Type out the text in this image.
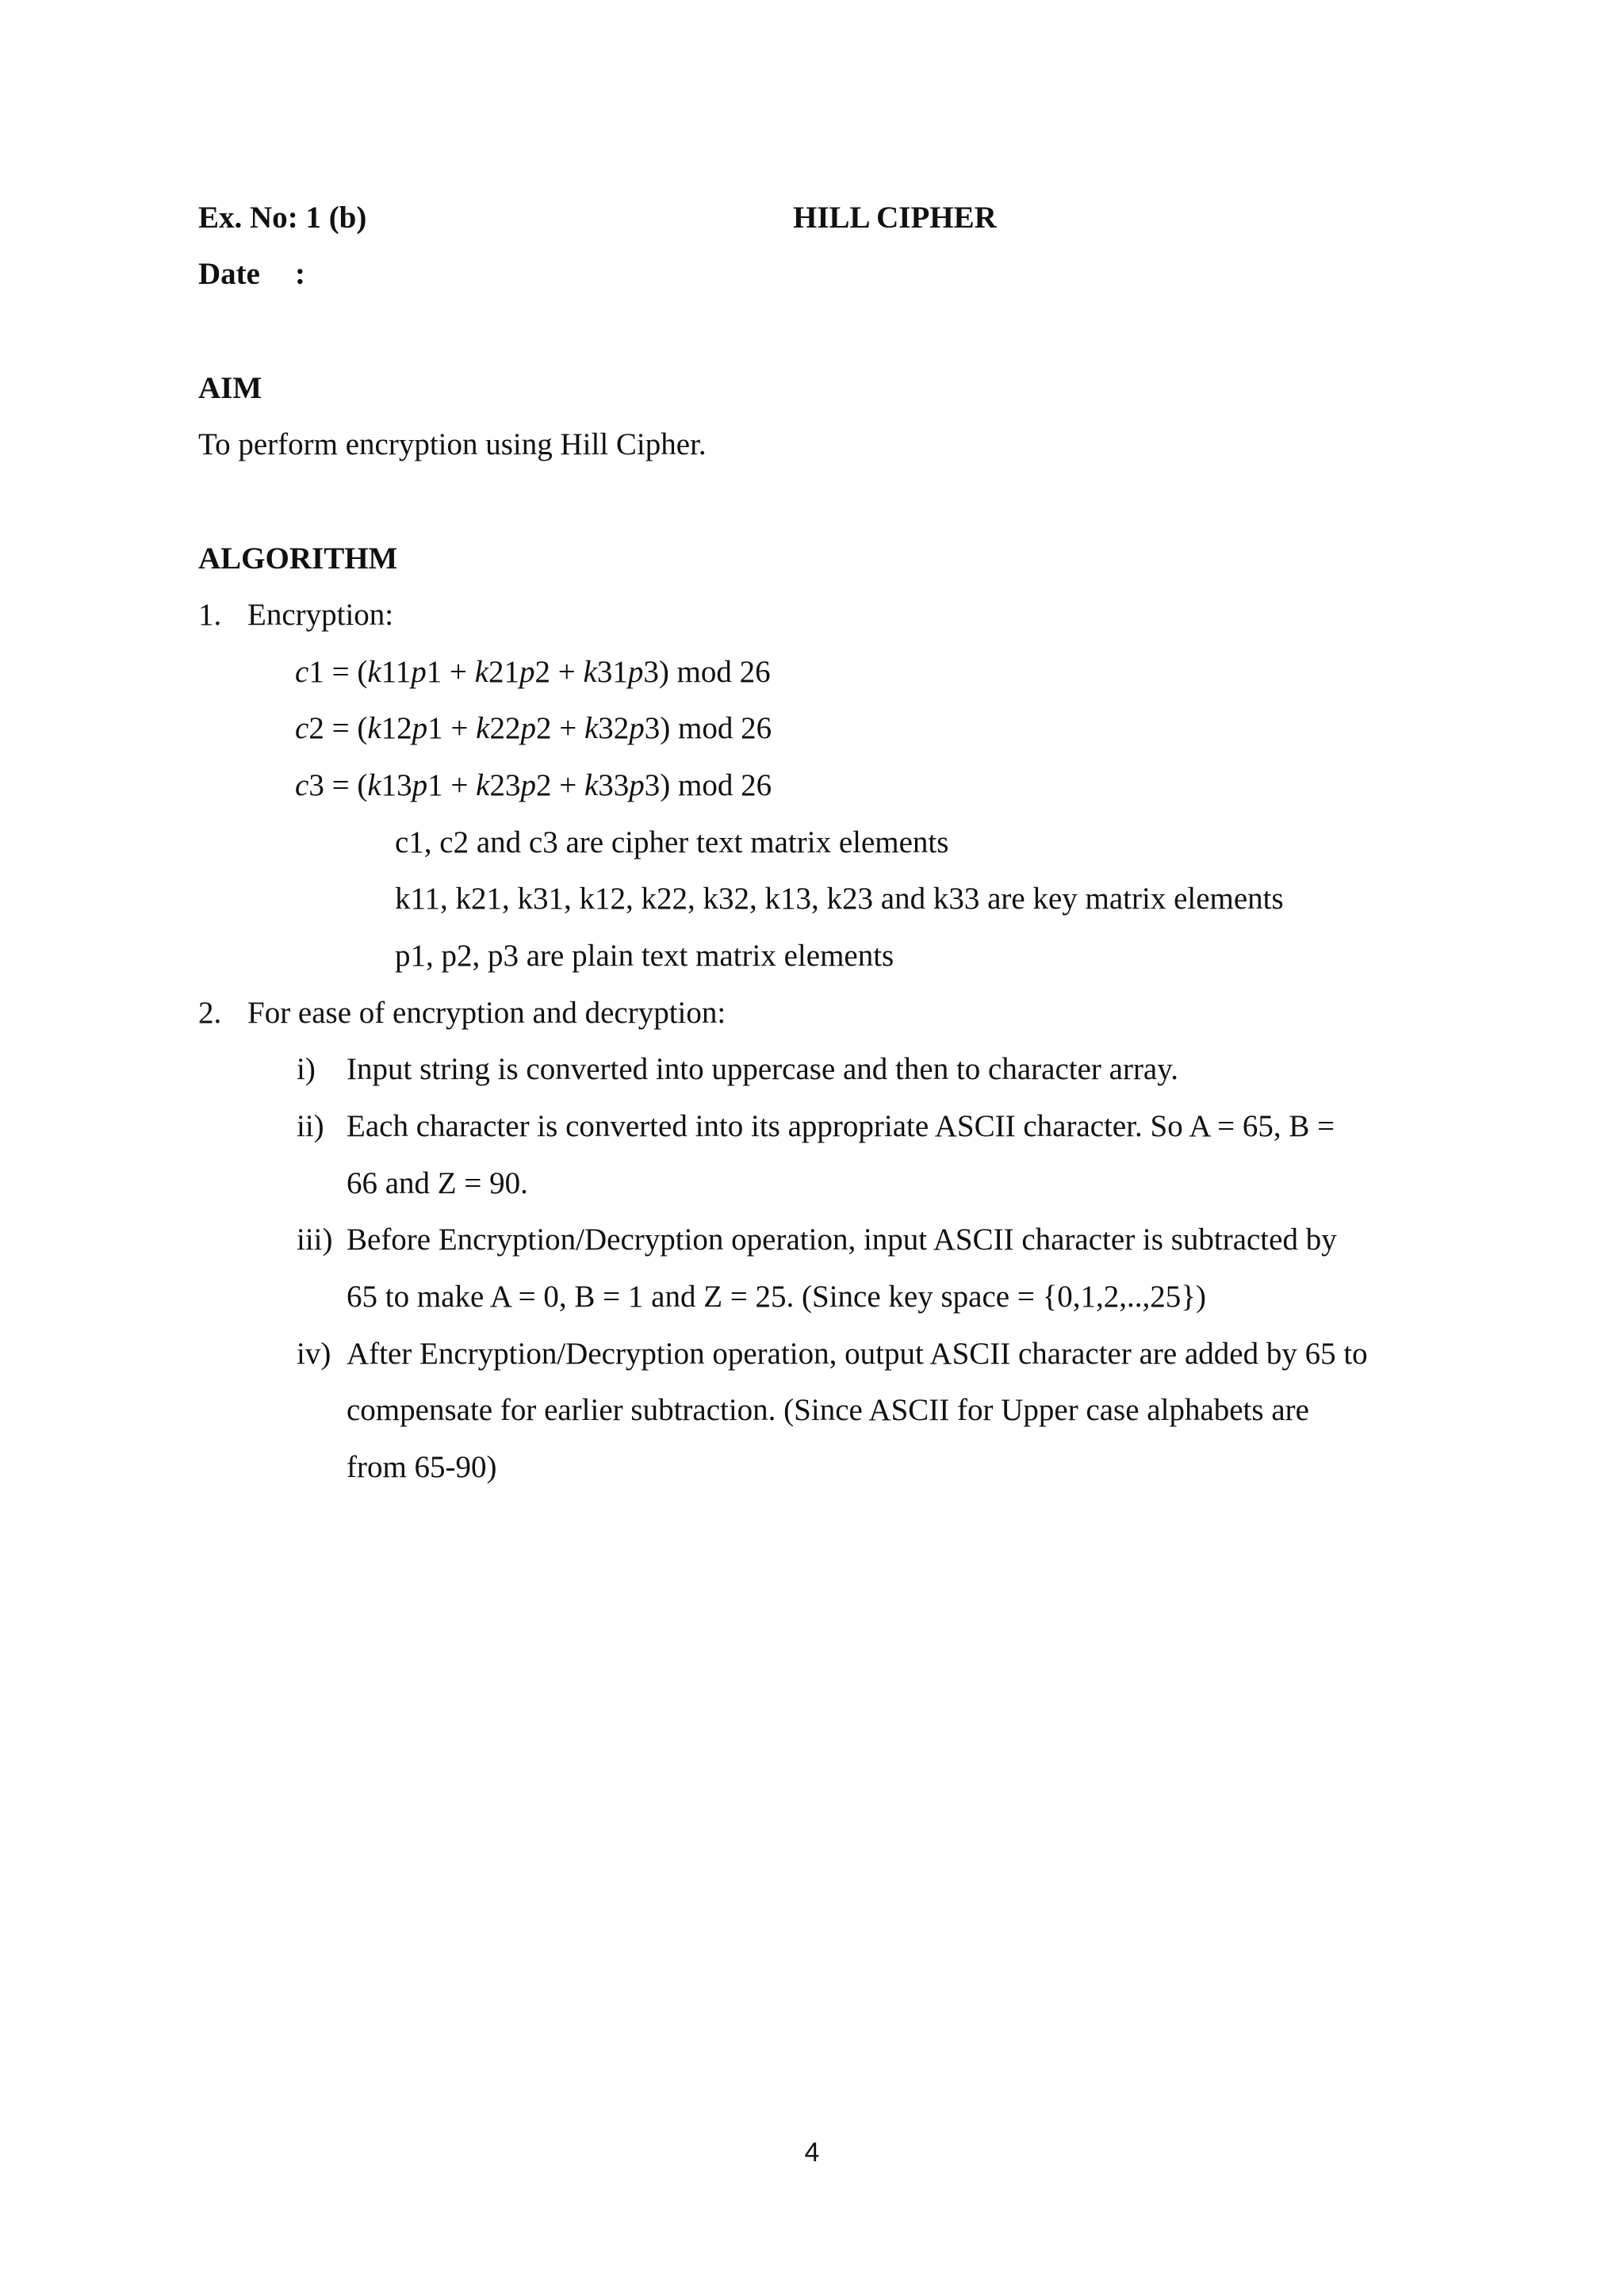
Ex. No: 1 (b)	HILL CIPHER
Date :
AIM
To perform encryption using Hill Cipher.
ALGORITHM
1. Encryption:
c1 = (k11p1 + k21p2 + k31p3) mod 26
c2 = (k12p1 + k22p2 + k32p3) mod 26
c3 = (k13p1 + k23p2 + k33p3) mod 26
c1, c2 and c3 are cipher text matrix elements
k11, k21, k31, k12, k22, k32, k13, k23 and k33 are key matrix elements
p1, p2, p3 are plain text matrix elements
2. For ease of encryption and decryption:
i) Input string is converted into uppercase and then to character array.
ii) Each character is converted into its appropriate ASCII character. So A = 65, B =
66 and Z = 90.
iii) Before Encryption/Decryption operation, input ASCII character is subtracted by
65 to make A = 0, B = 1 and Z = 25. (Since key space = {0,1,2,..,25})
iv) After Encryption/Decryption operation, output ASCII character are added by 65 to
compensate for earlier subtraction. (Since ASCII for Upper case alphabets are
from 65-90)
4
